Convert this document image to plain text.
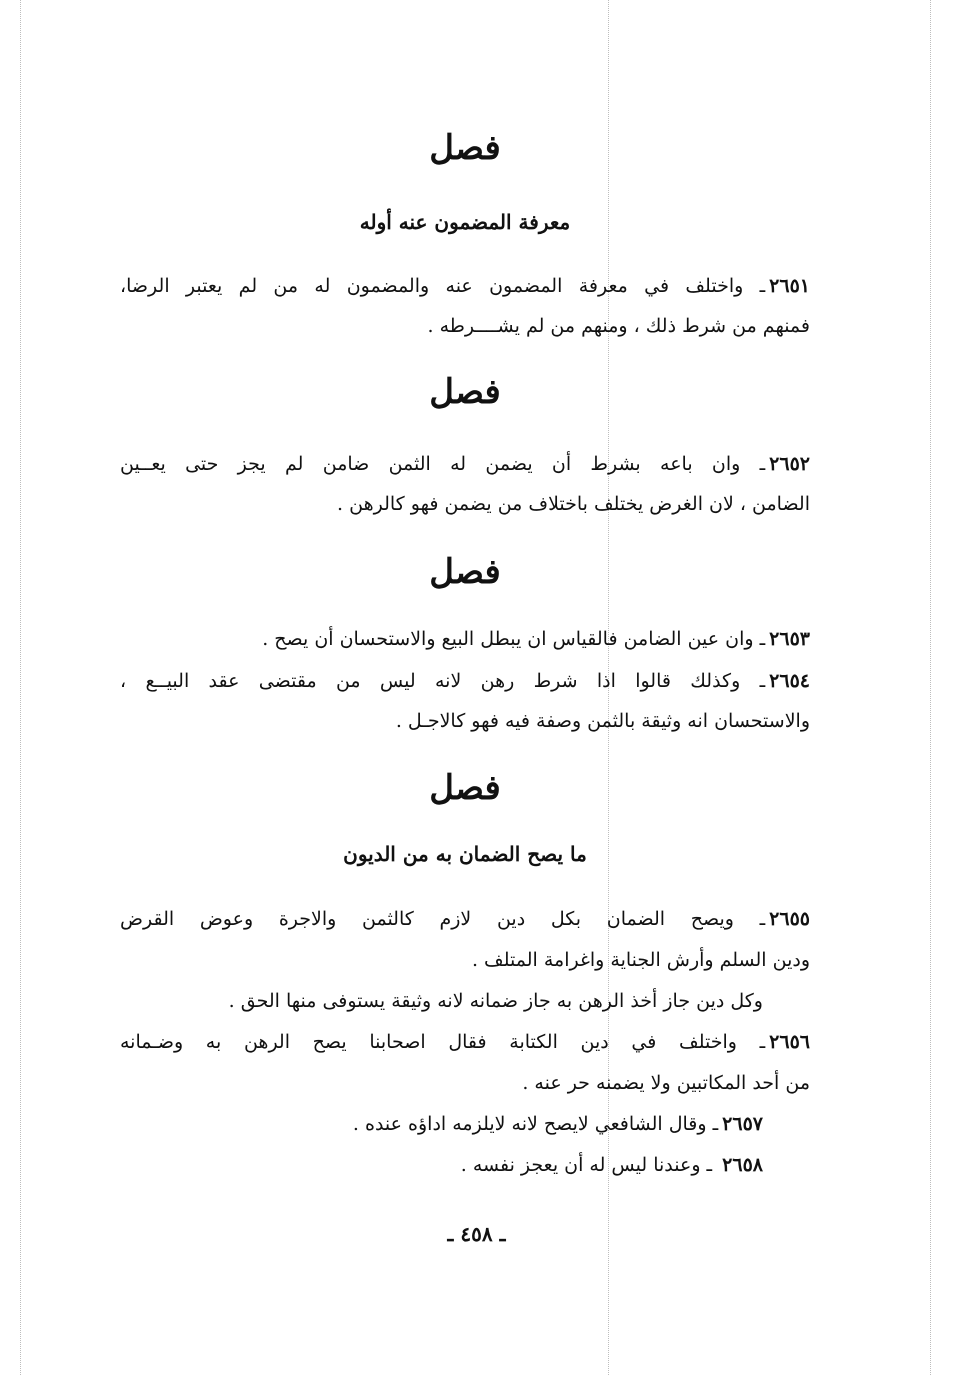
فصل
معرفة المضمون عنه أوله
٢٦٥١ـ واختلف في معرفة المضمون عنه والمضمون له من لم يعتبر الرضا،
فمنهم من شرط ذلك ، ومنهم من لم يشــــرطه .
فصل
٢٦٥٢ـ وان باعه بشرط أن يضمن له الثمن ضامن لم يجز حتى يعــين
الضامن ، لان الغرض يختلف باختلاف من يضمن فهو كالرهن .
فصل
٢٦٥٣ـ وان عين الضامن فالقياس ان يبطل البيع والاستحسان أن يصح .
٢٦٥٤ـ وكذلك قالوا اذا شرط رهن لانه ليس من مقتضى عقد البيــع ،
والاستحسان انه وثيقة بالثمن وصفة فيه فهو كالاجـل .
فصل
ما يصح الضمان به من الديون
٢٦٥٥ـ ويصح الضمان بكل دين لازم كالثمن والاجرة وعوض القرض
ودين السلم وأرش الجناية واغرامة المتلف .
وكل دين جاز أخذ الرهن به جاز ضمانه لانه وثيقة يستوفى منها الحق .
٢٦٥٦ـ واختلف في دين الكتابة فقال اصحابنا يصح الرهن به وضـمانه
من أحد المكاتبين ولا يضمنه حر عنه .
٢٦٥٧ـ وقال الشافعي لايصح لانه لايلزمه اداؤه عنده .
٢٦٥٨ ـ وعندنا ليس له أن يعجز نفسه .
ـ ٤٥٨ ـ
